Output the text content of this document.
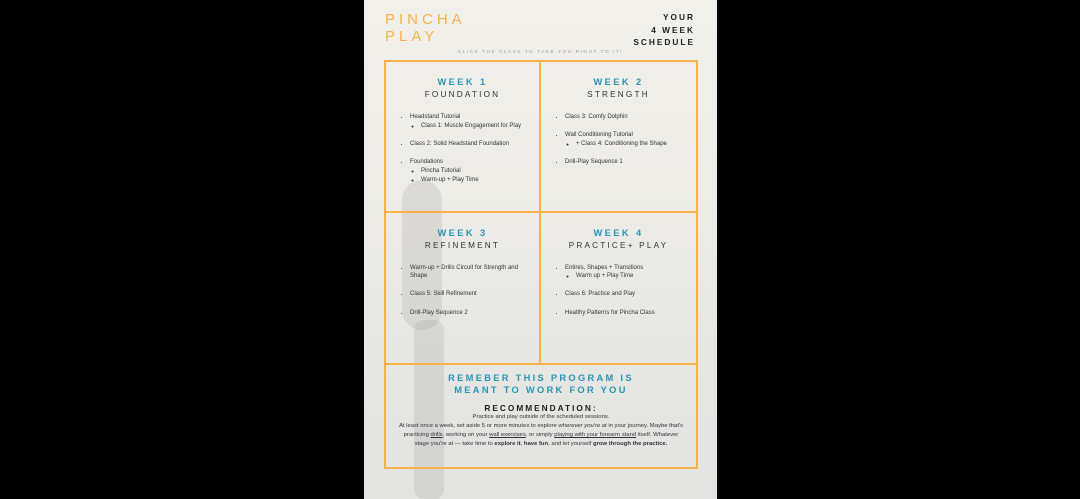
PINCHA
PLAY
YOUR
4 WEEK
SCHEDULE
CLICK THE CLASS TO TAKE YOU RIGHT TO IT!
WEEK 1
FOUNDATION
• Headstand Tutorial
◦ Class 1: Muscle Engagement for Play
• Class 2: Solid Headstand Foundation
• Foundations
◦ Pincha Tutorial
◦ Warm-up + Play Time
WEEK 2
STRENGTH
• Class 3: Comfy Dolphin
• Wall Conditioning Tutorial
◦ + Class 4: Conditioning the Shape
• Drill-Play Sequence 1
WEEK 3
REFINEMENT
• Warm-up + Drills Circuit for Strength and Shape
• Class 5: Skill Refinement
• Drill-Play Sequence 2
WEEK 4
PRACTICE+ PLAY
• Entires, Shapes + Transitions
◦ Warm up + Play Time
• Class 6: Practice and Play
• Healthy Patterns for Pincha Class
REMEBER THIS PROGRAM IS
MEANT TO WORK FOR YOU
RECOMMENDATION:

Practice and play outside of the scheduled sessions.

At least once a week, set aside 5 or more minutes to explore wherever you're at in your journey. Maybe that's practicing drills, working on your wall exercises, or simply playing with your forearm stand itself. Whatever stage you're at — take time to explore it, have fun, and let yourself grow through the practice.
